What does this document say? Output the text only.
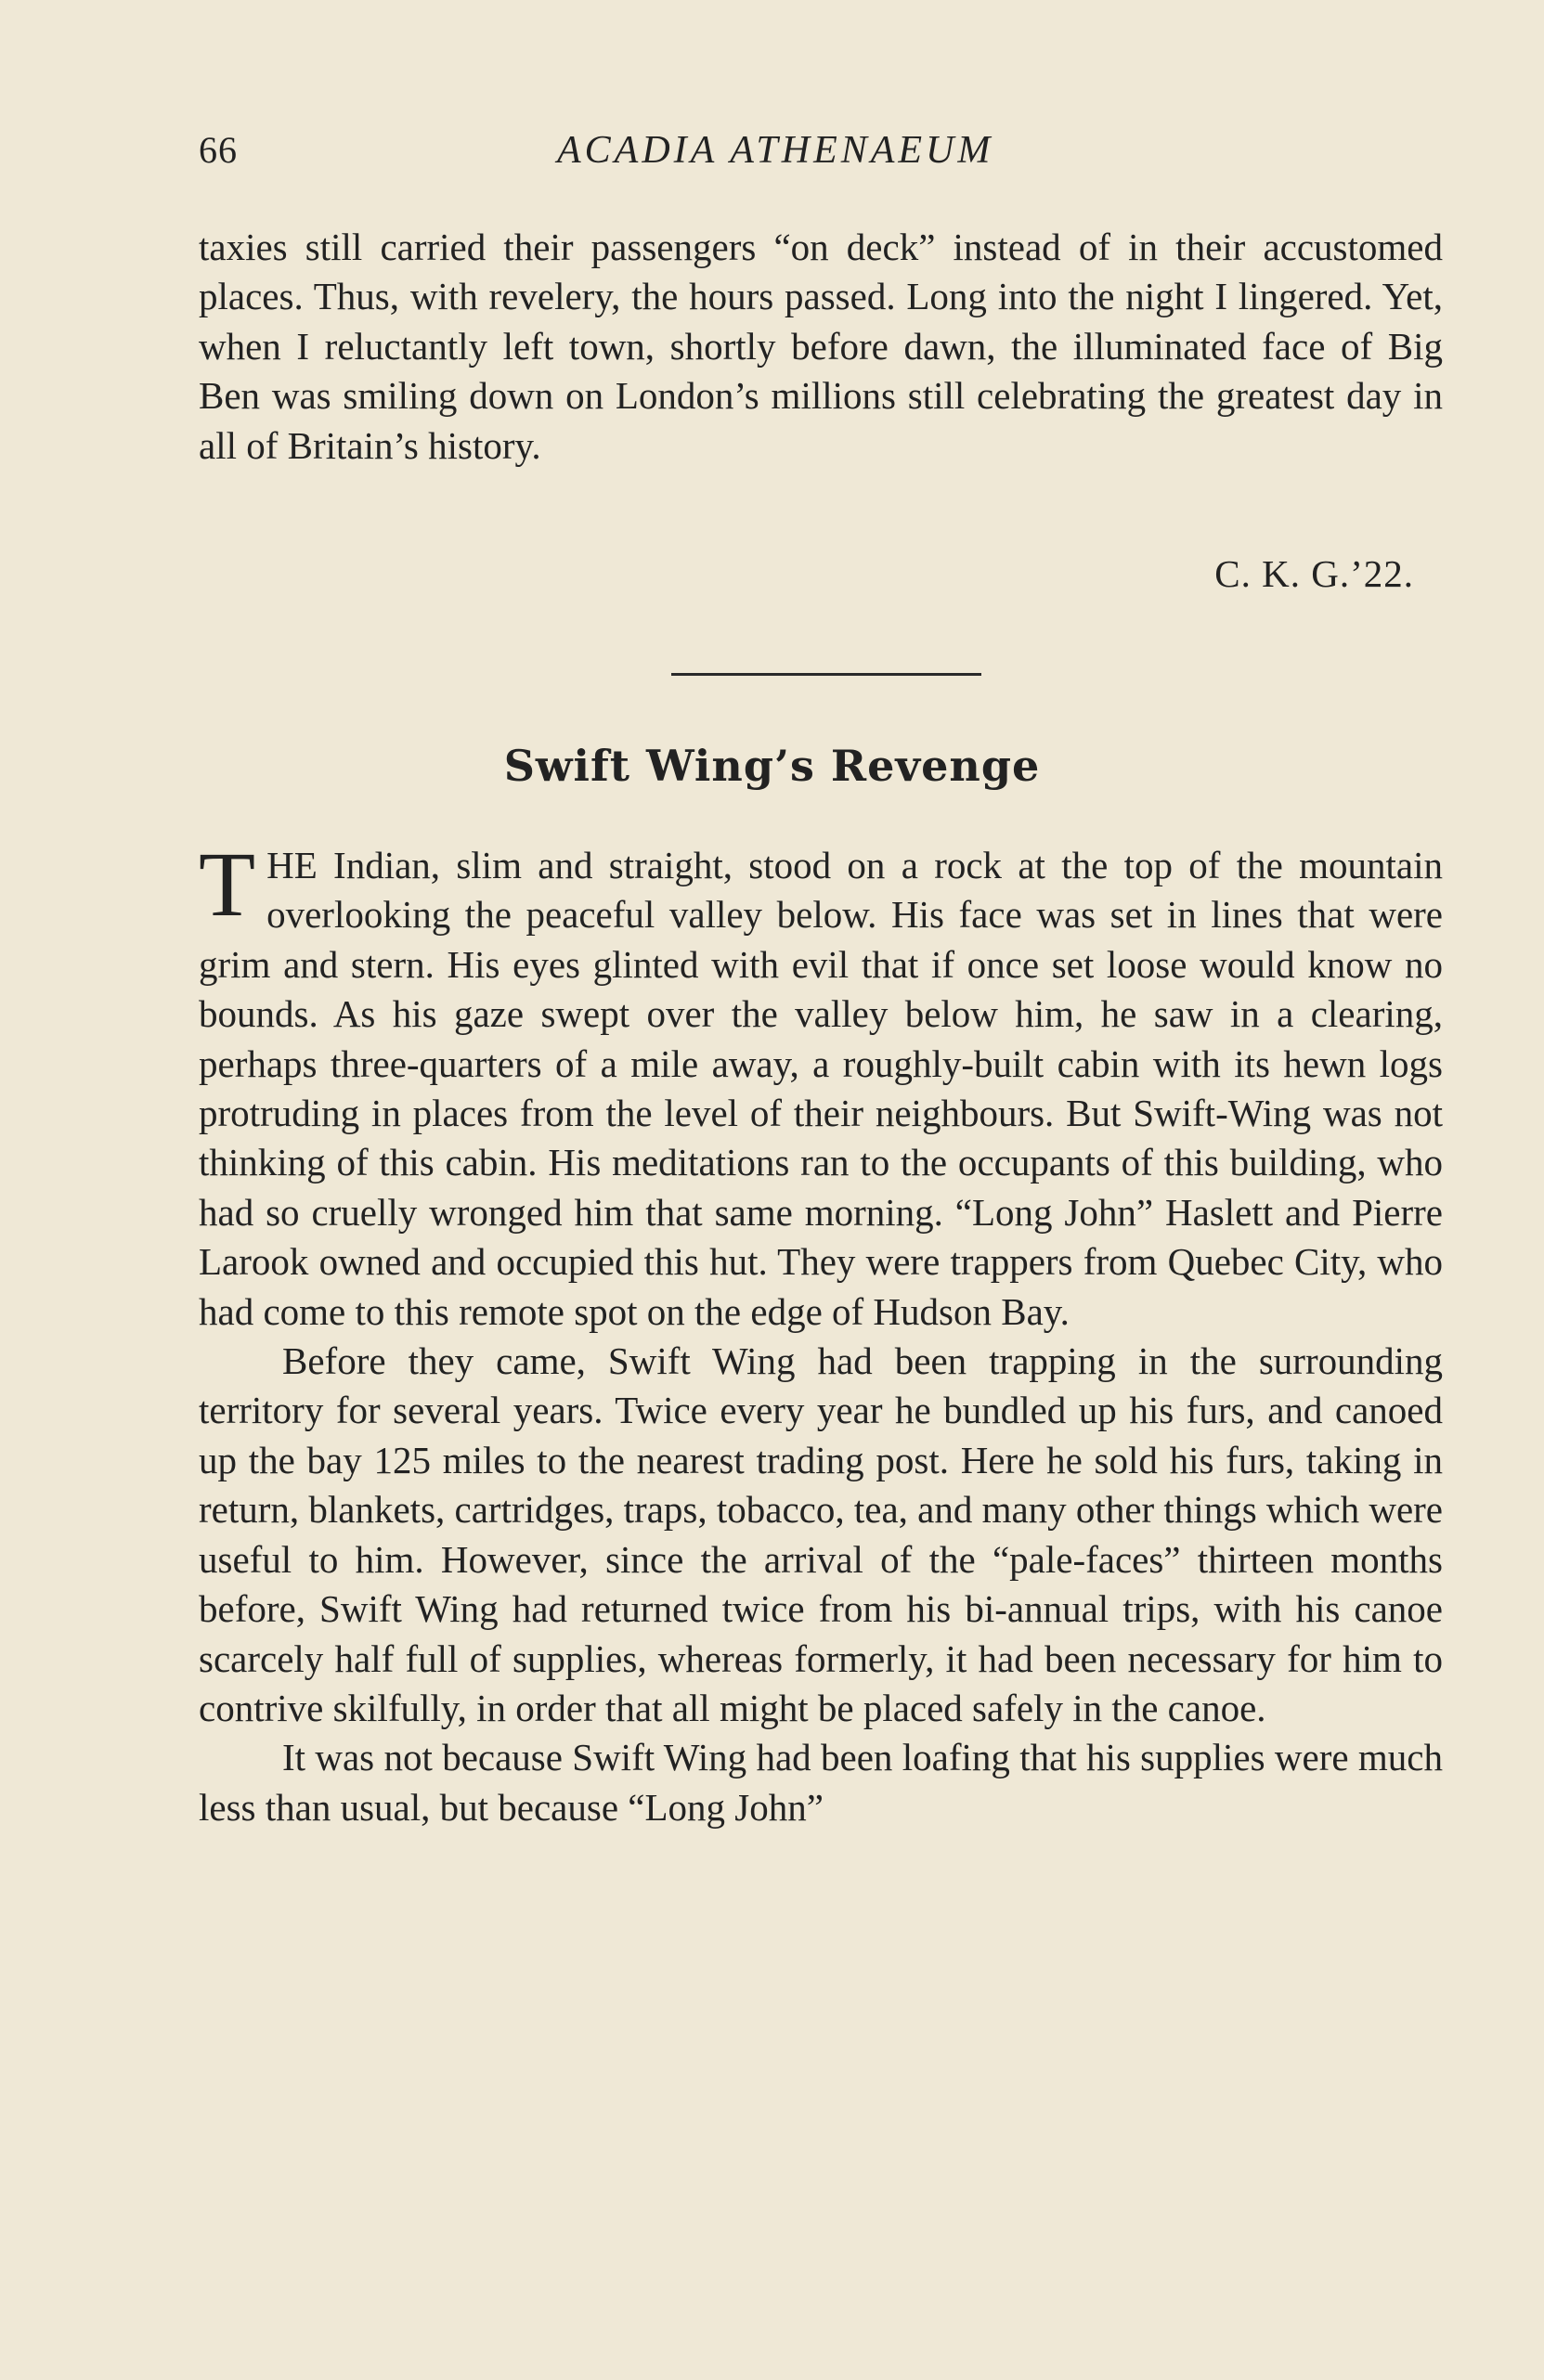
66	ACADIA ATHENAEUM

taxies still carried their passengers “on deck” instead of in their accustomed places. Thus, with revelery, the hours passed. Long into the night I lingered. Yet, when I reluctantly left town, shortly before dawn, the illuminated face of Big Ben was smiling down on London’s millions still celebrating the greatest day in all of Britain’s history.

C. K. G.’22.
Swift Wing’s Revenge

THE Indian, slim and straight, stood on a rock at the top of the mountain overlooking the peaceful valley below. His face was set in lines that were grim and stern. His eyes glinted with evil that if once set loose would know no bounds. As his gaze swept over the valley below him, he saw in a clearing, perhaps three-quarters of a mile away, a roughly-built cabin with its hewn logs protruding in places from the level of their neighbours. But Swift-Wing was not thinking of this cabin. His meditations ran to the occupants of this building, who had so cruelly wronged him that same morning. “Long John” Haslett and Pierre Larook owned and occupied this hut. They were trappers from Quebec City, who had come to this remote spot on the edge of Hudson Bay.

Before they came, Swift Wing had been trapping in the surrounding territory for several years. Twice every year he bundled up his furs, and canoed up the bay 125 miles to the nearest trading post. Here he sold his furs, taking in return, blankets, cartridges, traps, tobacco, tea, and many other things which were useful to him. However, since the arrival of the “pale-faces” thirteen months before, Swift Wing had returned twice from his bi-annual trips, with his canoe scarcely half full of supplies, whereas formerly, it had been necessary for him to contrive skilfully, in order that all might be placed safely in the canoe.

It was not because Swift Wing had been loafing that his supplies were much less than usual, but because “Long John”
